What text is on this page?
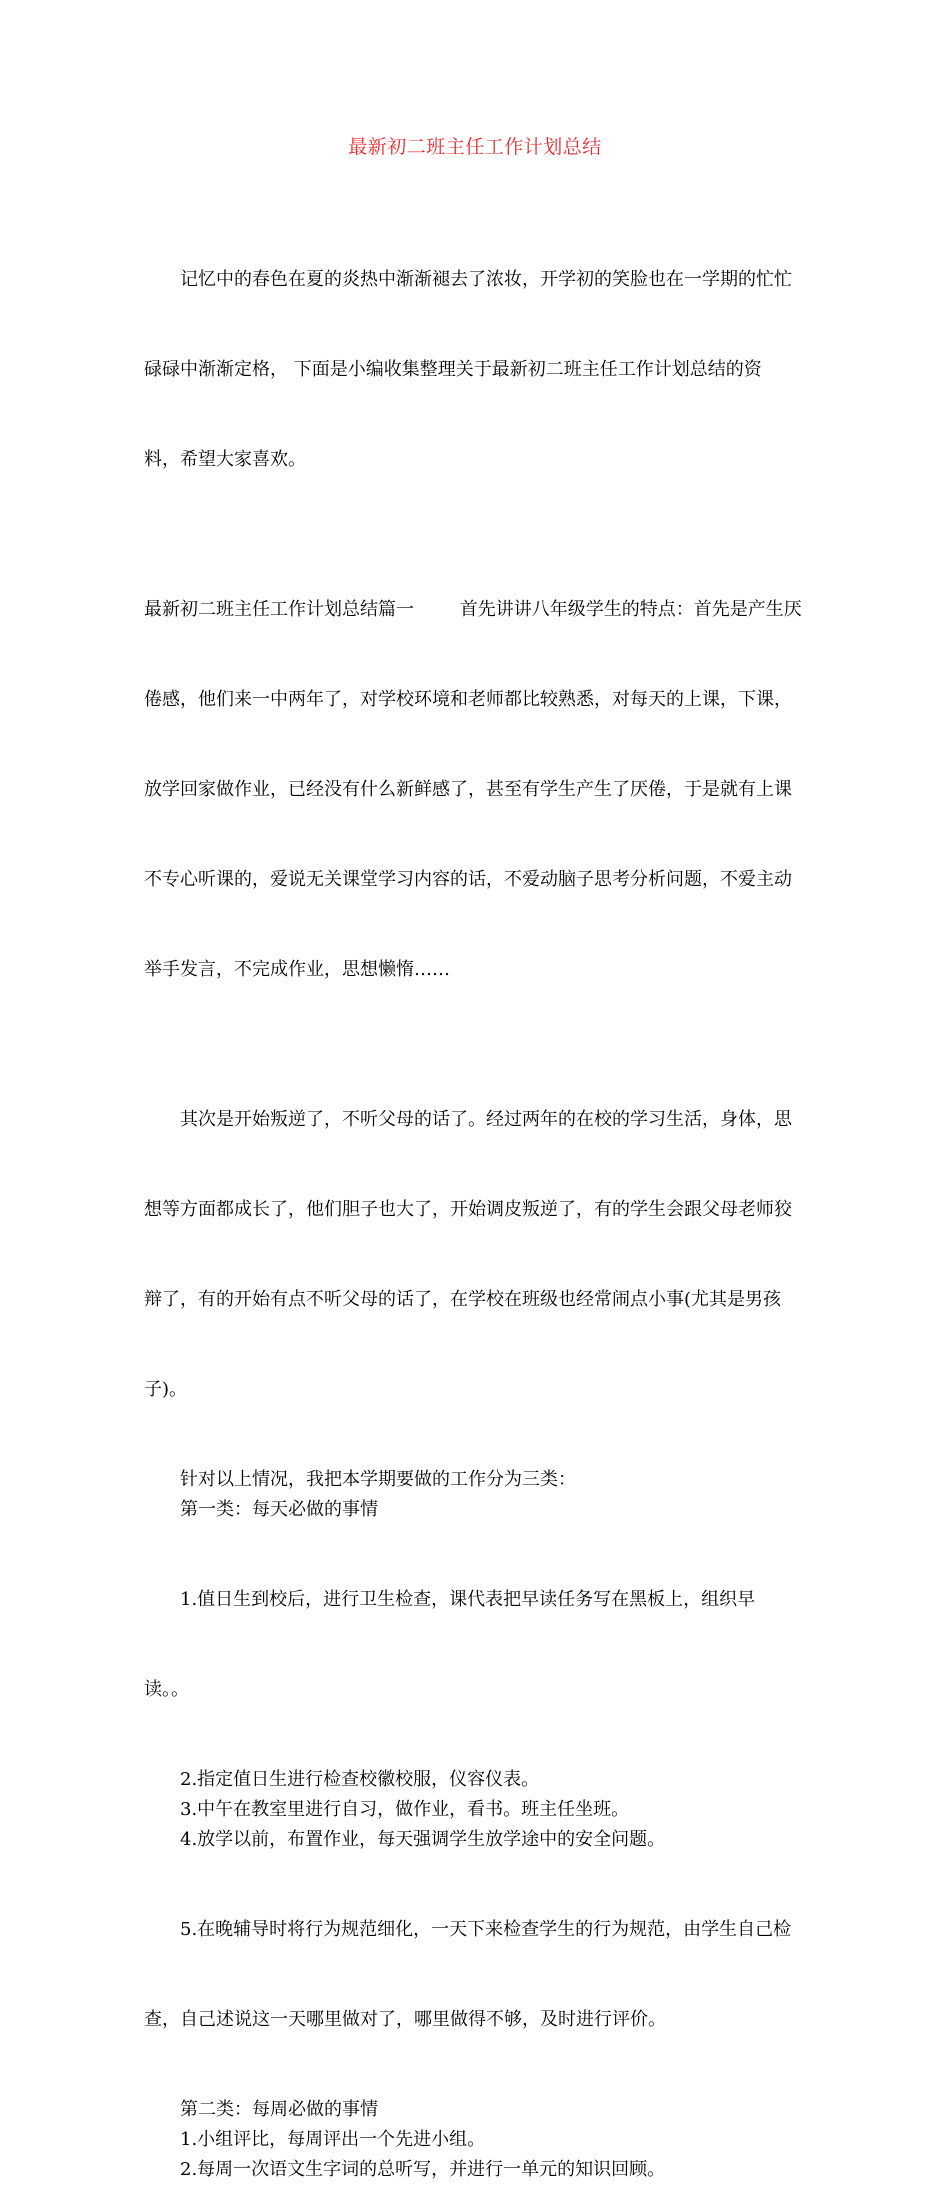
最新初二班主任工作计划总结

记忆中的春色在夏的炎热中渐渐褪去了浓妆，开学初的笑脸也在一学期的忙忙

碌碌中渐渐定格， 下面是小编收集整理关于最新初二班主任工作计划总结的资

料，希望大家喜欢。

最新初二班主任工作计划总结篇一        首先讲讲八年级学生的特点：首先是产生厌

倦感，他们来一中两年了，对学校环境和老师都比较熟悉，对每天的上课，下课，

放学回家做作业，已经没有什么新鲜感了，甚至有学生产生了厌倦，于是就有上课

不专心听课的，爱说无关课堂学习内容的话，不爱动脑子思考分析问题，不爱主动

举手发言，不完成作业，思想懒惰……

其次是开始叛逆了，不听父母的话了。经过两年的在校的学习生活，身体，思

想等方面都成长了，他们胆子也大了，开始调皮叛逆了，有的学生会跟父母老师狡

辩了，有的开始有点不听父母的话了，在学校在班级也经常闹点小事(尤其是男孩

子)。

针对以上情况，我把本学期要做的工作分为三类：

第一类：每天必做的事情

1.值日生到校后，进行卫生检查，课代表把早读任务写在黑板上，组织早

读。。

2.指定值日生进行检查校徽校服，仪容仪表。

3.中午在教室里进行自习，做作业，看书。班主任坐班。

4.放学以前，布置作业，每天强调学生放学途中的安全问题。

5.在晚辅导时将行为规范细化，一天下来检查学生的行为规范，由学生自己检

查，自己述说这一天哪里做对了，哪里做得不够，及时进行评价。

第二类：每周必做的事情

1.小组评比，每周评出一个先进小组。

2.每周一次语文生字词的总听写，并进行一单元的知识回顾。
